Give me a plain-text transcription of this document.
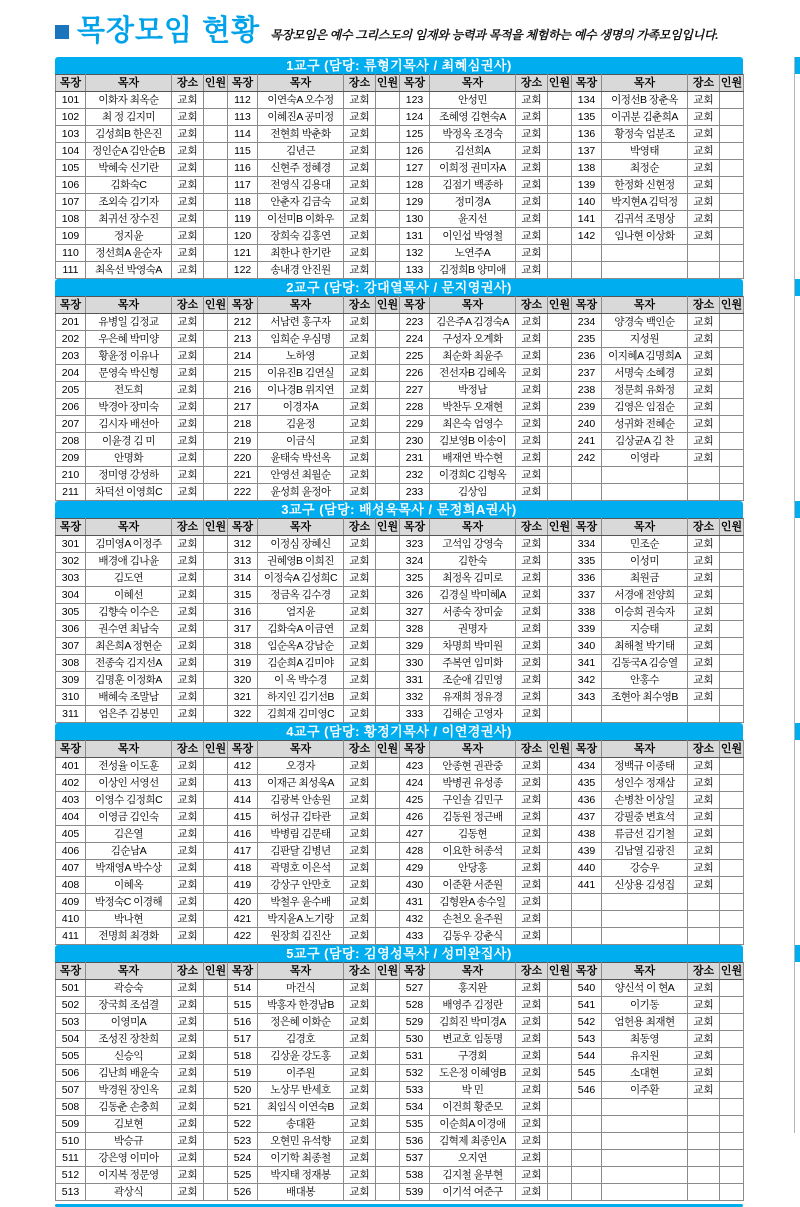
목장모임 현황 목장모임은 예수 그리스도의 임재와 능력과 목적을 체험하는 예수 생명의 가족모임입니다.

1교구 (담당: 류형기목사 / 최혜심권사)
목장	목자	장소	인원	목장	목자	장소	인원	목장	목자	장소	인원	목장	목자	장소	인원
101	이화자 최옥순	교회		112	이연숙A 오수정	교회		123	안성민	교회		134	이정선B 장춘옥	교회	
102	최 정 김지미	교회		113	이혜진A 공미정	교회		124	조혜영 김현숙A	교회		135	이귀분 김춘희A	교회	
103	김성희B 한은진	교회		114	전현희 박춘화	교회		125	박정옥 조경숙	교회		136	황정숙 엄분조	교회	
104	정인순A 김안순B	교회		115	김년근	교회		126	김선희A	교회		137	박영태	교회	
105	박혜숙 신기란	교회		116	신현주 정혜경	교회		127	이희정 권미자A	교회		138	최정순	교회	
106	김화숙C	교회		117	전영식 김용대	교회		128	김점기 백종하	교회		139	한정화 신현정	교회	
107	조외숙 김기자	교회		118	안춘자 김금숙	교회		129	정미경A	교회		140	박지현A 김덕정	교회	
108	최귀선 장수진	교회		119	이선미B 이화우	교회		130	윤지선	교회		141	김귀석 조명상	교회	
109	정지윤	교회		120	장희숙 김홍연	교회		131	이인섭 박영철	교회		142	임나현 이상화	교회	
110	정선희A 윤순자	교회		121	최한나 한기란	교회		132	노연주A	교회					
111	최옥선 박영숙A	교회		122	송내경 안진원	교회		133	김정희B 양미애	교회					
2교구 (담당: 강대열목사 / 문지영권사)
목장	목자	장소	인원	목장	목자	장소	인원	목장	목자	장소	인원	목장	목자	장소	인원
201	유병일 김정교	교회		212	서남련 홍구자	교회		223	김은주A 김경숙A	교회		234	양경숙 백인순	교회	
202	우은혜 박미양	교회		213	임희순 우심명	교회		224	구성자 오계화	교회		235	지성원	교회	
203	황윤정 이유나	교회		214	노하영	교회		225	최순화 최윤주	교회		236	이지혜A 김명희A	교회	
204	문영숙 박신형	교회		215	이유진B 김연실	교회		226	전선자B 김혜옥	교회		237	서명숙 소혜경	교회	
205	전도희	교회		216	이나경B 위지연	교회		227	박정남	교회		238	정문희 유화정	교회	
206	박경아 장미숙	교회		217	이경자A	교회		228	박찬두 오재현	교회		239	김영은 임점순	교회	
207	김시자 배선아	교회		218	김윤정	교회		229	최은숙 엄영수	교회		240	성귀화 전혜순	교회	
208	이윤경 김 미	교회		219	이금식	교회		230	김보영B 이송이	교회		241	김상균A 김 찬	교회	
209	안명화	교회		220	윤태숙 박선옥	교회		231	배재연 박수현	교회		242	이영라	교회	
210	정미영 강성하	교회		221	안영선 최월순	교회		232	이경희C 김형옥	교회					
211	차덕선 이영희C	교회		222	윤성희 윤정아	교회		233	김상임	교회					
3교구 (담당: 배성욱목사 / 문정희A권사)
목장	목자	장소	인원	목장	목자	장소	인원	목장	목자	장소	인원	목장	목자	장소	인원
301	김미영A 이정주	교회		312	이정심 장혜신	교회		323	고석임 강영숙	교회		334	민조순	교회	
302	배경애 김나윤	교회		313	권혜영B 이희진	교회		324	김한숙	교회		335	이성미	교회	
303	김도연	교회		314	이정숙A 김성희C	교회		325	최정옥 김미로	교회		336	최원금	교회	
304	이혜선	교회		315	정금옥 김수경	교회		326	김경실 박미혜A	교회		337	서경애 전양희	교회	
305	김향숙 이수은	교회		316	엄지윤	교회		327	서종숙 장미숲	교회		338	이승희 권숙자	교회	
306	권수연 최남숙	교회		317	김화숙A 이금연	교회		328	권명자	교회		339	지승태	교회	
307	최은희A 정현순	교회		318	임순옥A 강남순	교회		329	차명희 박미원	교회		340	최해철 박기태	교회	
308	전종숙 김지선A	교회		319	김순희A 김미야	교회		330	주복연 임미화	교회		341	김동국A 김승열	교회	
309	김명훈 이정화A	교회		320	이 옥 박수경	교회		331	조순애 김민영	교회		342	안홍수	교회	
310	배혜숙 조말남	교회		321	하지인 김기선B	교회		332	유재희 정유경	교회		343	조현아 최수영B	교회	
311	엄은주 김봉민	교회		322	김희재 김미영C	교회		333	김해순 고영자	교회					
4교구 (담당: 황정기목사 / 이연경권사)
목장	목자	장소	인원	목장	목자	장소	인원	목장	목자	장소	인원	목장	목자	장소	인원
401	전성율 이도훈	교회		412	오경자	교회		423	안종현 권관중	교회		434	정백규 이종태	교회	
402	이상인 서영선	교회		413	이재근 최성욱A	교회		424	박병권 유성종	교회		435	성인수 정재삼	교회	
403	이영수 김정희C	교회		414	김광복 안송원	교회		425	구인솔 김민구	교회		436	손병찬 이상일	교회	
404	이영금 김인숙	교회		415	허성규 김타관	교회		426	김동원 정근배	교회		437	강필중 변효석	교회	
405	김은열	교회		416	박병림 김문태	교회		427	김동현	교회		438	류금선 김기철	교회	
406	김순남A	교회		417	김판달 김병년	교회		428	이요한 허종석	교회		439	김남열 김광진	교회	
407	박재영A 박수상	교회		418	곽명호 이은석	교회		429	안당홍	교회		440	강승우	교회	
408	이혜옥	교회		419	강상구 안만호	교회		430	이준환 서준원	교회		441	신상용 김성집	교회	
409	박정숙C 이경해	교회		420	박철우 윤수배	교회		431	김형완A 송수일	교회					
410	박나현	교회		421	박지윤A 노기랑	교회		432	손천오 윤주원	교회					
411	전명희 최경화	교회		422	원장희 김진산	교회		433	김동우 강춘식	교회					
5교구 (담당: 김영성목사 / 성미완집사)
목장	목자	장소	인원	목장	목자	장소	인원	목장	목자	장소	인원	목장	목자	장소	인원
501	곽승숙	교회		514	마건식	교회		527	홍지완	교회		540	양신석 이 현A	교회	
502	장국희 조섬결	교회		515	박홍자 한경남B	교회		528	배영주 김정란	교회		541	이기동	교회	
503	이영미A	교회		516	정은혜 이화순	교회		529	김희진 박미경A	교회		542	엄헌용 최재현	교회	
504	조성진 장찬희	교회		517	김경호	교회		530	변교호 임동명	교회		543	최동영	교회	
505	신승익	교회		518	김상윤 강도홍	교회		531	구경회	교회		544	유지원	교회	
506	김난희 배윤숙	교회		519	이주원	교회		532	도은정 이혜영B	교회		545	소대현	교회	
507	박경원 장인옥	교회		520	노상무 반세호	교회		533	박 민	교회		546	이주환	교회	
508	김동춘 손충희	교회		521	최임식 이연숙B	교회		534	이건희 황준모	교회					
509	김보현	교회		522	송대환	교회		535	이순희A 이경애	교회					
510	박승규	교회		523	오현민 유석향	교회		536	김혁제 최종인A	교회					
511	강은영 이미아	교회		524	이기학 최종철	교회		537	오지연	교회					
512	이지복 정문영	교회		525	박지태 정재봉	교회		538	김지철 윤부현	교회					
513	곽상식	교회		526	배대봉	교회		539	이기석 여준구	교회					
